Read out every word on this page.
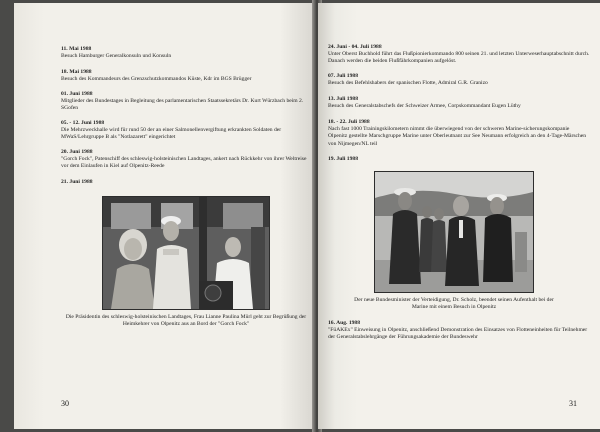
11. Mai 1988
Besuch Hamburger Generalkonsuln und Konsuln
18. Mai 1988
Besuch des Kommandeurs des Grenzschutzkommandos Küste, Kdr im BGS Brügger
01. Juni 1988
Mitglieder des Bundestages in Begleitung des parlamentarischen Staatssekretärs Dr. Kurt Würzbach beim 2. SGofen
05. - 12. Juni 1988
Die Mehrzweckhalle wird für rund 50 der an einer Salmonellenvergiftung erkrankten Soldaten der MWaS/Lehrgruppe B als "Notlazarett" eingerichtet
20. Juni 1988
"Gorch Fock", Patenschiff des schleswig-holsteinischen Landtages, ankert nach Rückkehr von ihrer Weltreise vor dem Einlaufen in Kiel auf Olpenitz-Reede
21. Juni 1988
Die Präsidentin des schleswig-holsteinischen Landtages, Frau Lianne Paulina Mürl geht zur Begrüßung der Heimkehrer von Olpenitz aus an Bord der "Gorch Fock"
30
24. Juni - 04. Juli 1988
Unter Oberst Buchhold führt das Flußpionierkommando 800 seinen 21. und letzten Unterweserhauptabschnitt durch. Danach werden die beiden Flußfährkompanien aufgelöst.
07. Juli 1988
Besuch des Befehlshabers der spanischen Flotte, Admiral G.R. Granizo
13. Juli 1988
Besuch des Generalstabschefs der Schweizer Armee, Corpskommandant Eugen Lüthy
18. - 22. Juli 1988
Nach fast 1000 Trainingskilometern nimmt die überwiegend von der schweren Marine-sicherungskompanie Olpenitz gestellte Marschgruppe Marine unter Oberleutnant zur See Neumann erfolgreich an den 4-Tage-Märschen von Nijmegen/NL teil
19. Juli 1988
Der neue Bundesminister der Verteidigung, Dr. Scholz, beendet seinen Aufenthalt bei der Marine mit einem Besuch in Olpenitz
16. Aug. 1988
"FüAKEx" Einweisung in Olpenitz, anschließend Demonstration des Einsatzes von Flotteneinheiten für Teilnehmer der Generalstabslehrgänge der Führungsakademie der Bundeswehr
31
